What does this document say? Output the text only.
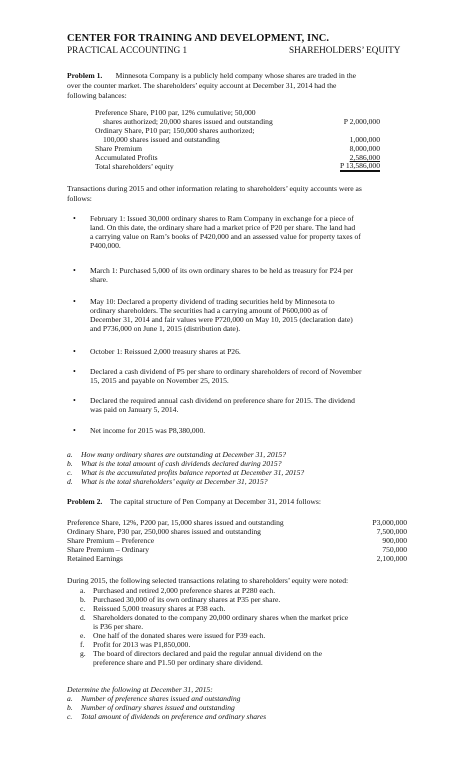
CENTER FOR TRAINING AND DEVELOPMENT, INC.
PRACTICAL ACCOUNTING 1	SHAREHOLDERS’ EQUITY
Problem 1. Minnesota Company is a publicly held company whose shares are traded in the
over the counter market. The shareholders’ equity account at December 31, 2014 had the
following balances:
Preference Share, P100 par, 12% cumulative; 50,000
shares authorized; 20,000 shares issued and outstanding	P 2,000,000
Ordinary Share, P10 par; 150,000 shares authorized;
100,000 shares issued and outstanding	1,000,000
Share Premium	8,000,000
Accumulated Profits	2,586,000
Total shareholders’ equity	P 13,586,000
Transactions during 2015 and other information relating to shareholders’ equity accounts were as
follows:
• February 1: Issued 30,000 ordinary shares to Ram Company in exchange for a piece of
land. On this date, the ordinary share had a market price of P20 per share. The land had
a carrying value on Ram’s books of P420,000 and an assessed value for property taxes of
P400,000.
• March 1: Purchased 5,000 of its own ordinary shares to be held as treasury for P24 per
share.
• May 10: Declared a property dividend of trading securities held by Minnesota to
ordinary shareholders. The securities had a carrying amount of P600,000 as of
December 31, 2014 and fair values were P720,000 on May 10, 2015 (declaration date)
and P736,000 on June 1, 2015 (distribution date).
• October 1: Reissued 2,000 treasury shares at P26.
• Declared a cash dividend of P5 per share to ordinary shareholders of record of November
15, 2015 and payable on November 25, 2015.
• Declared the required annual cash dividend on preference share for 2015. The dividend
was paid on January 5, 2014.
• Net income for 2015 was P8,380,000.
a. How many ordinary shares are outstanding at December 31, 2015?
b. What is the total amount of cash dividends declared during 2015?
c. What is the accumulated profits balance reported at December 31, 2015?
d. What is the total shareholders’ equity at December 31, 2015?
Problem 2. The capital structure of Pen Company at December 31, 2014 follows:
Preference Share, 12%, P200 par, 15,000 shares issued and outstanding	P3,000,000
Ordinary Share, P30 par, 250,000 shares issued and outstanding	7,500,000
Share Premium – Preference	900,000
Share Premium – Ordinary	750,000
Retained Earnings	2,100,000
During 2015, the following selected transactions relating to shareholders’ equity were noted:
a. Purchased and retired 2,000 preference shares at P280 each.
b. Purchased 30,000 of its own ordinary shares at P35 per share.
c. Reissued 5,000 treasury shares at P38 each.
d. Shareholders donated to the company 20,000 ordinary shares when the market price
is P36 per share.
e. One half of the donated shares were issued for P39 each.
f. Profit for 2013 was P1,850,000.
g. The board of directors declared and paid the regular annual dividend on the
preference share and P1.50 per ordinary share dividend.
Determine the following at December 31, 2015:
a. Number of preference shares issued and outstanding
b. Number of ordinary shares issued and outstanding
c. Total amount of dividends on preference and ordinary shares
